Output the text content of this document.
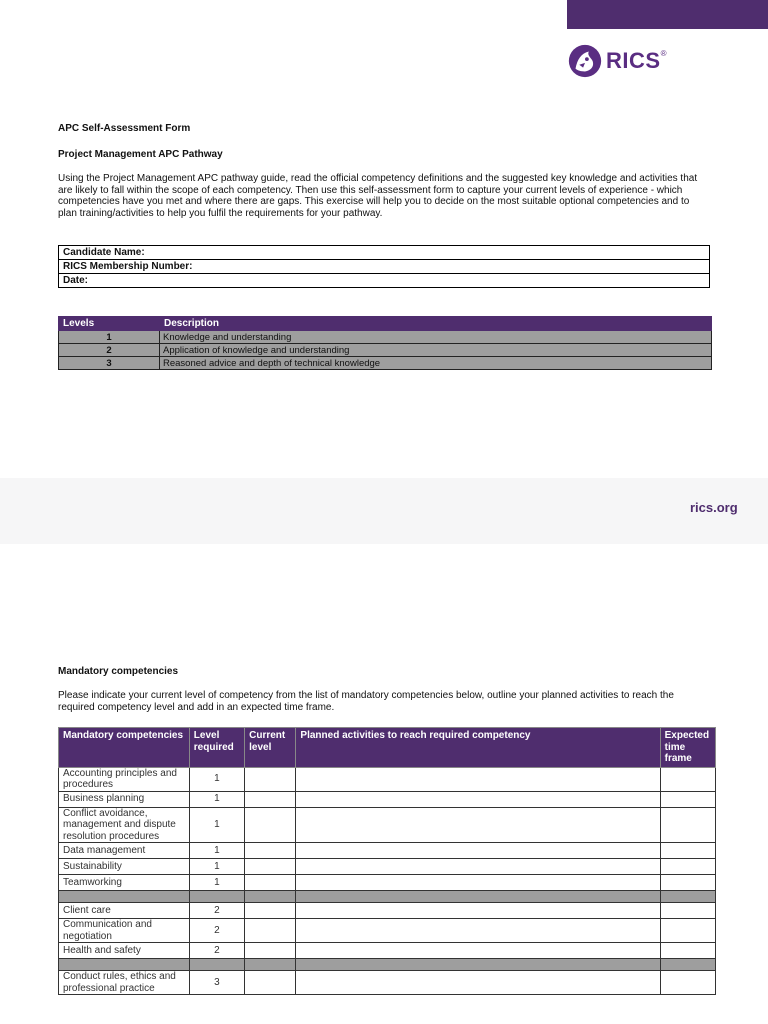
RICS ®
APC Self-Assessment Form
Project Management APC Pathway
Using the Project Management APC pathway guide, read the official competency definitions and the suggested key knowledge and activities that
are likely to fall within the scope of each competency. Then use this self-assessment form to capture your current levels of experience - which
competencies have you met and where there are gaps. This exercise will help you to decide on the most suitable optional competencies and to
plan training/activities to help you fulfil the requirements for your pathway.
Candidate Name:
RICS Membership Number:
Date:
Levels	Description
1	Knowledge and understanding
2	Application of knowledge and understanding
3	Reasoned advice and depth of technical knowledge
rics.org
Mandatory competencies
Please indicate your current level of competency from the list of mandatory competencies below, outline your planned activities to reach the
required competency level and add in an expected time frame.
Mandatory competencies	Level required	Current level	Planned activities to reach required competency	Expected time frame
Accounting principles and procedures	1			
Business planning	1			
Conflict avoidance, management and dispute resolution procedures	1			
Data management	1			
Sustainability	1			
Teamworking	1			

Client care	2			
Communication and negotiation	2			
Health and safety	2			

Conduct rules, ethics and professional practice	3			
